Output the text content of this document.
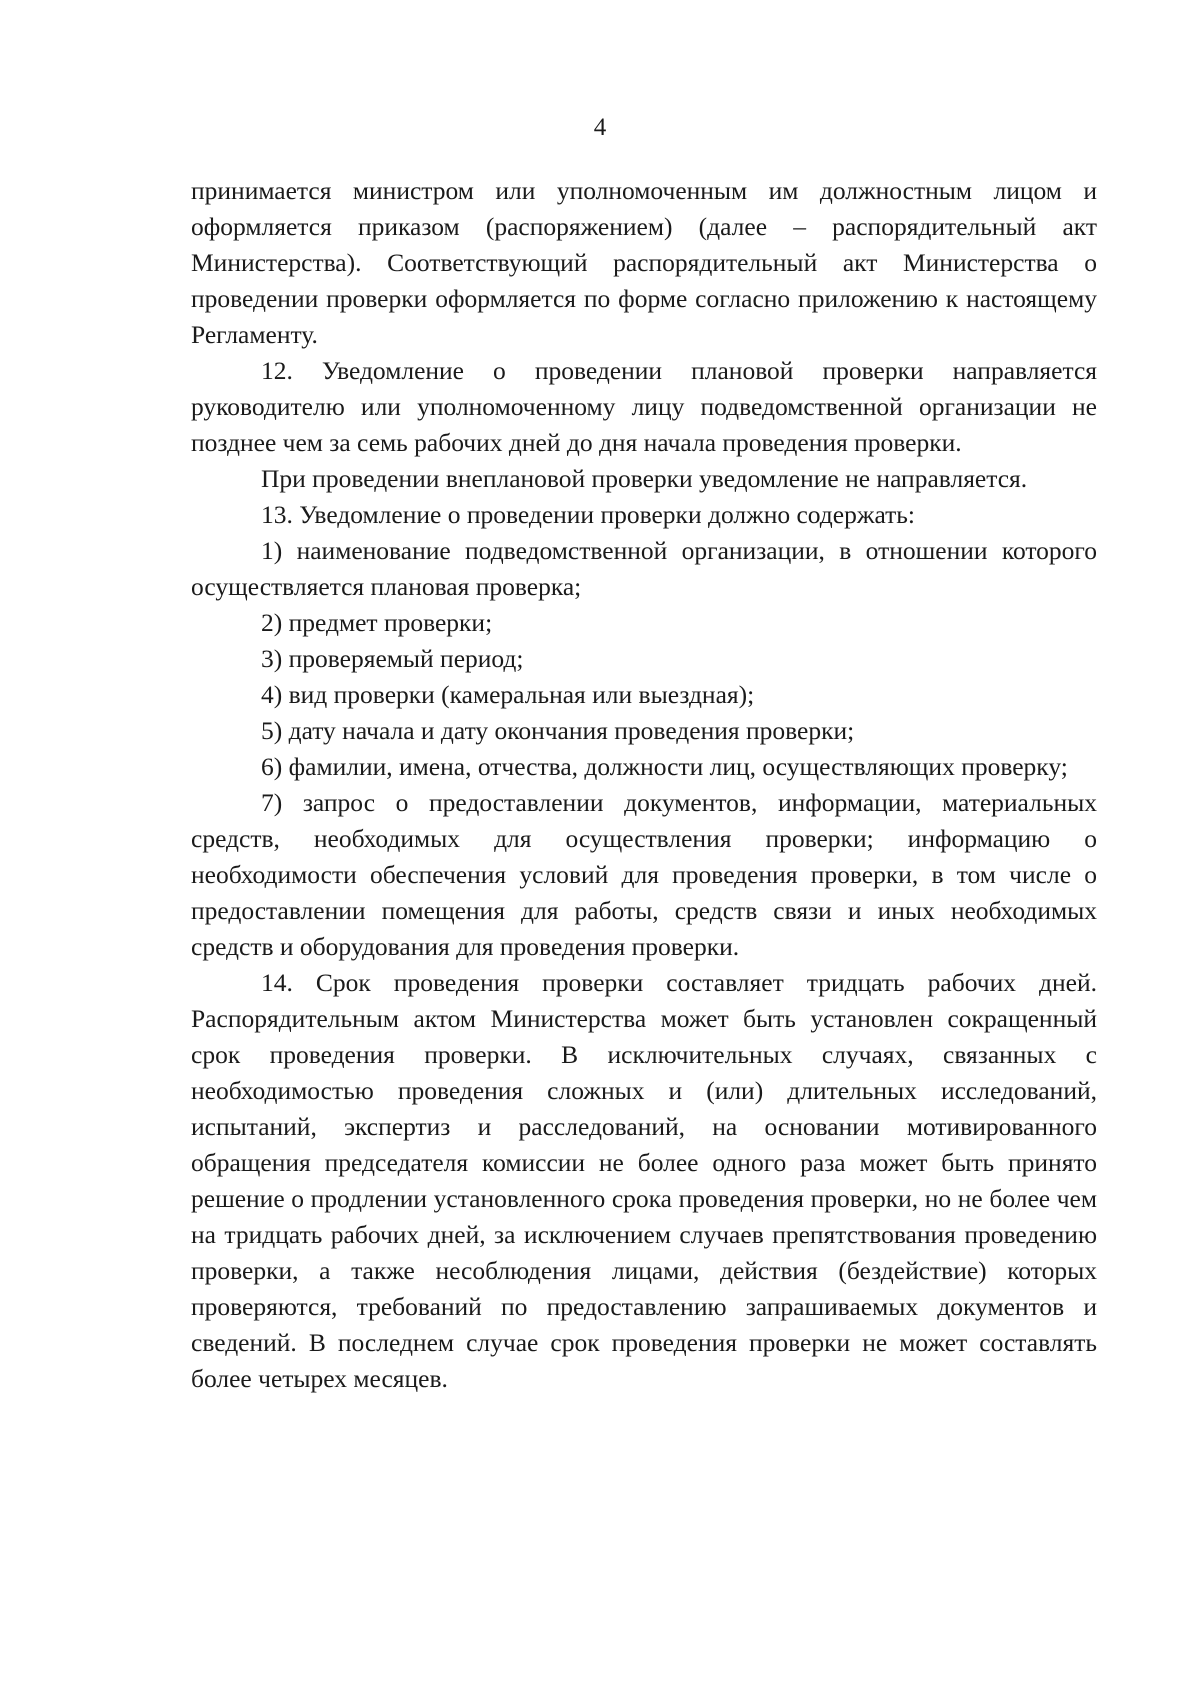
4

принимается министром или уполномоченным им должностным лицом и оформляется приказом (распоряжением) (далее – распорядительный акт Министерства). Соответствующий распорядительный акт Министерства о проведении проверки оформляется по форме согласно приложению к настоящему Регламенту.

12. Уведомление о проведении плановой проверки направляется руководителю или уполномоченному лицу подведомственной организации не позднее чем за семь рабочих дней до дня начала проведения проверки.

При проведении внеплановой проверки уведомление не направляется.

13. Уведомление о проведении проверки должно содержать:

1) наименование подведомственной организации, в отношении которого осуществляется плановая проверка;

2) предмет проверки;

3) проверяемый период;

4) вид проверки (камеральная или выездная);

5) дату начала и дату окончания проведения проверки;

6) фамилии, имена, отчества, должности лиц, осуществляющих проверку;

7) запрос о предоставлении документов, информации, материальных средств, необходимых для осуществления проверки; информацию о необходимости обеспечения условий для проведения проверки, в том числе о предоставлении помещения для работы, средств связи и иных необходимых средств и оборудования для проведения проверки.

14. Срок проведения проверки составляет тридцать рабочих дней. Распорядительным актом Министерства может быть установлен сокращенный срок проведения проверки. В исключительных случаях, связанных с необходимостью проведения сложных и (или) длительных исследований, испытаний, экспертиз и расследований, на основании мотивированного обращения председателя комиссии не более одного раза может быть принято решение о продлении установленного срока проведения проверки, но не более чем на тридцать рабочих дней, за исключением случаев препятствования проведению проверки, а также несоблюдения лицами, действия (бездействие) которых проверяются, требований по предоставлению запрашиваемых документов и сведений. В последнем случае срок проведения проверки не может составлять более четырех месяцев.
